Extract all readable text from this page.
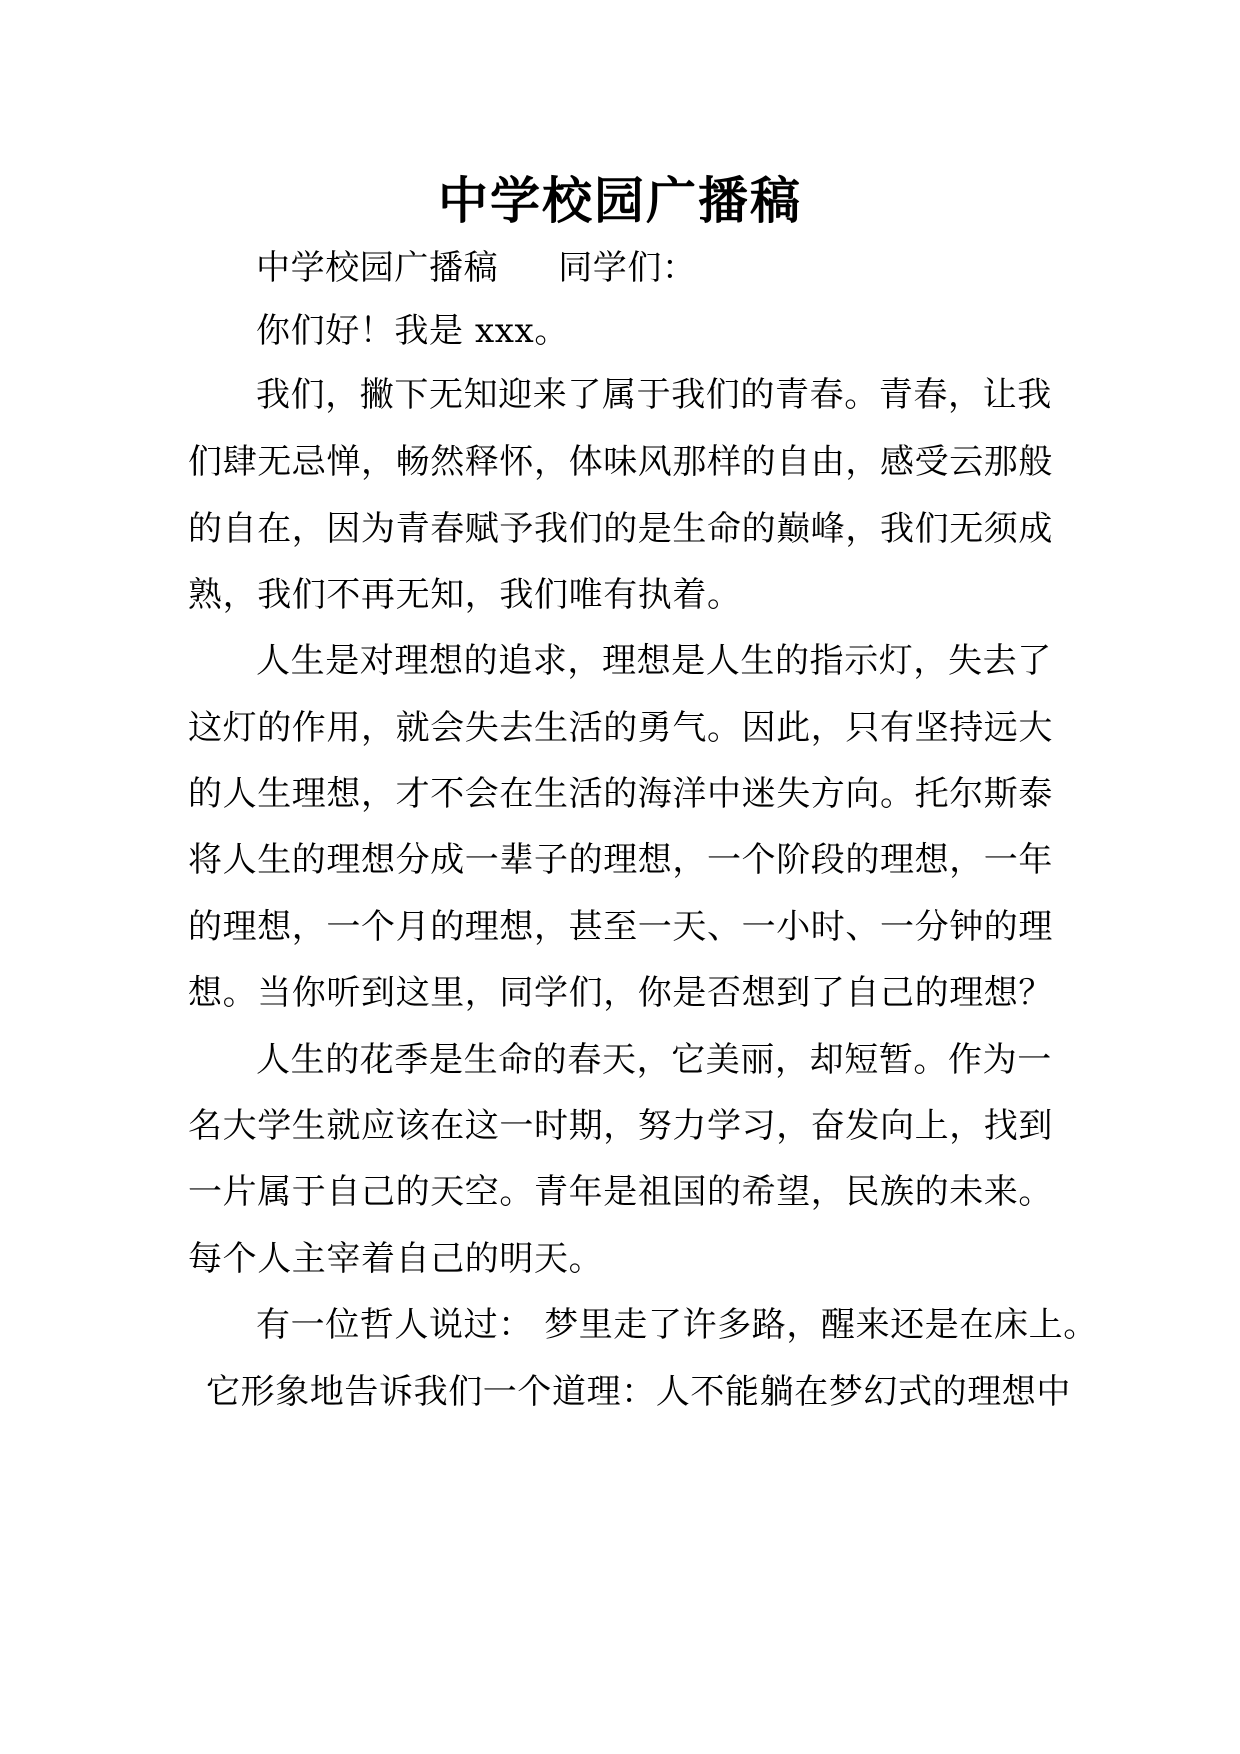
中学校园广播稿
中学校园广播稿 同学们：
你们好！我是 xxx。
我们，撇下无知迎来了属于我们的青春。青春，让我
们肆无忌惮，畅然释怀，体味风那样的自由，感受云那般
的自在，因为青春赋予我们的是生命的巅峰，我们无须成
熟，我们不再无知，我们唯有执着。
人生是对理想的追求，理想是人生的指示灯，失去了
这灯的作用，就会失去生活的勇气。因此，只有坚持远大
的人生理想，才不会在生活的海洋中迷失方向。托尔斯泰
将人生的理想分成一辈子的理想，一个阶段的理想，一年
的理想，一个月的理想，甚至一天、一小时、一分钟的理
想。当你听到这里，同学们，你是否想到了自己的理想？
人生的花季是生命的春天，它美丽，却短暂。作为一
名大学生就应该在这一时期，努力学习，奋发向上，找到
一片属于自己的天空。青年是祖国的希望，民族的未来。
每个人主宰着自己的明天。
有一位哲人说过： 梦里走了许多路，醒来还是在床上。
它形象地告诉我们一个道理：人不能躺在梦幻式的理想中
